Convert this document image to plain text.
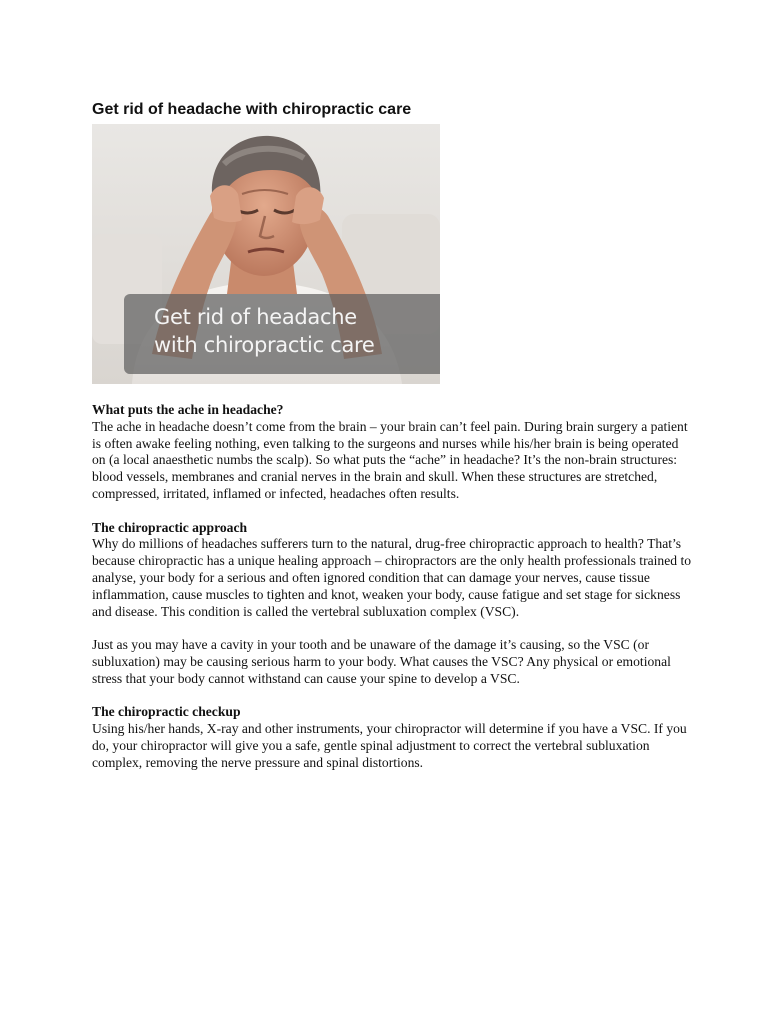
Get rid of headache with chiropractic care
Get rid of headache
with chiropractic care
What puts the ache in headache?

The ache in headache doesn’t come from the brain – your brain can’t feel pain. During brain surgery a patient is often awake feeling nothing, even talking to the surgeons and nurses while his/her brain is being operated on (a local anaesthetic numbs the scalp). So what puts the “ache” in headache? It’s the non-brain structures: blood vessels, membranes and cranial nerves in the brain and skull. When these structures are stretched, compressed, irritated, inflamed or infected, headaches often results.

The chiropractic approach

Why do millions of headaches sufferers turn to the natural, drug-free chiropractic approach to health? That’s because chiropractic has a unique healing approach – chiropractors are the only health professionals trained to analyse, your body for a serious and often ignored condition that can damage your nerves, cause tissue inflammation, cause muscles to tighten and knot, weaken your body, cause fatigue and set stage for sickness and disease. This condition is called the vertebral subluxation complex (VSC).

Just as you may have a cavity in your tooth and be unaware of the damage it’s causing, so the VSC (or subluxation) may be causing serious harm to your body. What causes the VSC? Any physical or emotional stress that your body cannot withstand can cause your spine to develop a VSC.

The chiropractic checkup

Using his/her hands, X-ray and other instruments, your chiropractor will determine if you have a VSC. If you do, your chiropractor will give you a safe, gentle spinal adjustment to correct the vertebral subluxation complex, removing the nerve pressure and spinal distortions.
